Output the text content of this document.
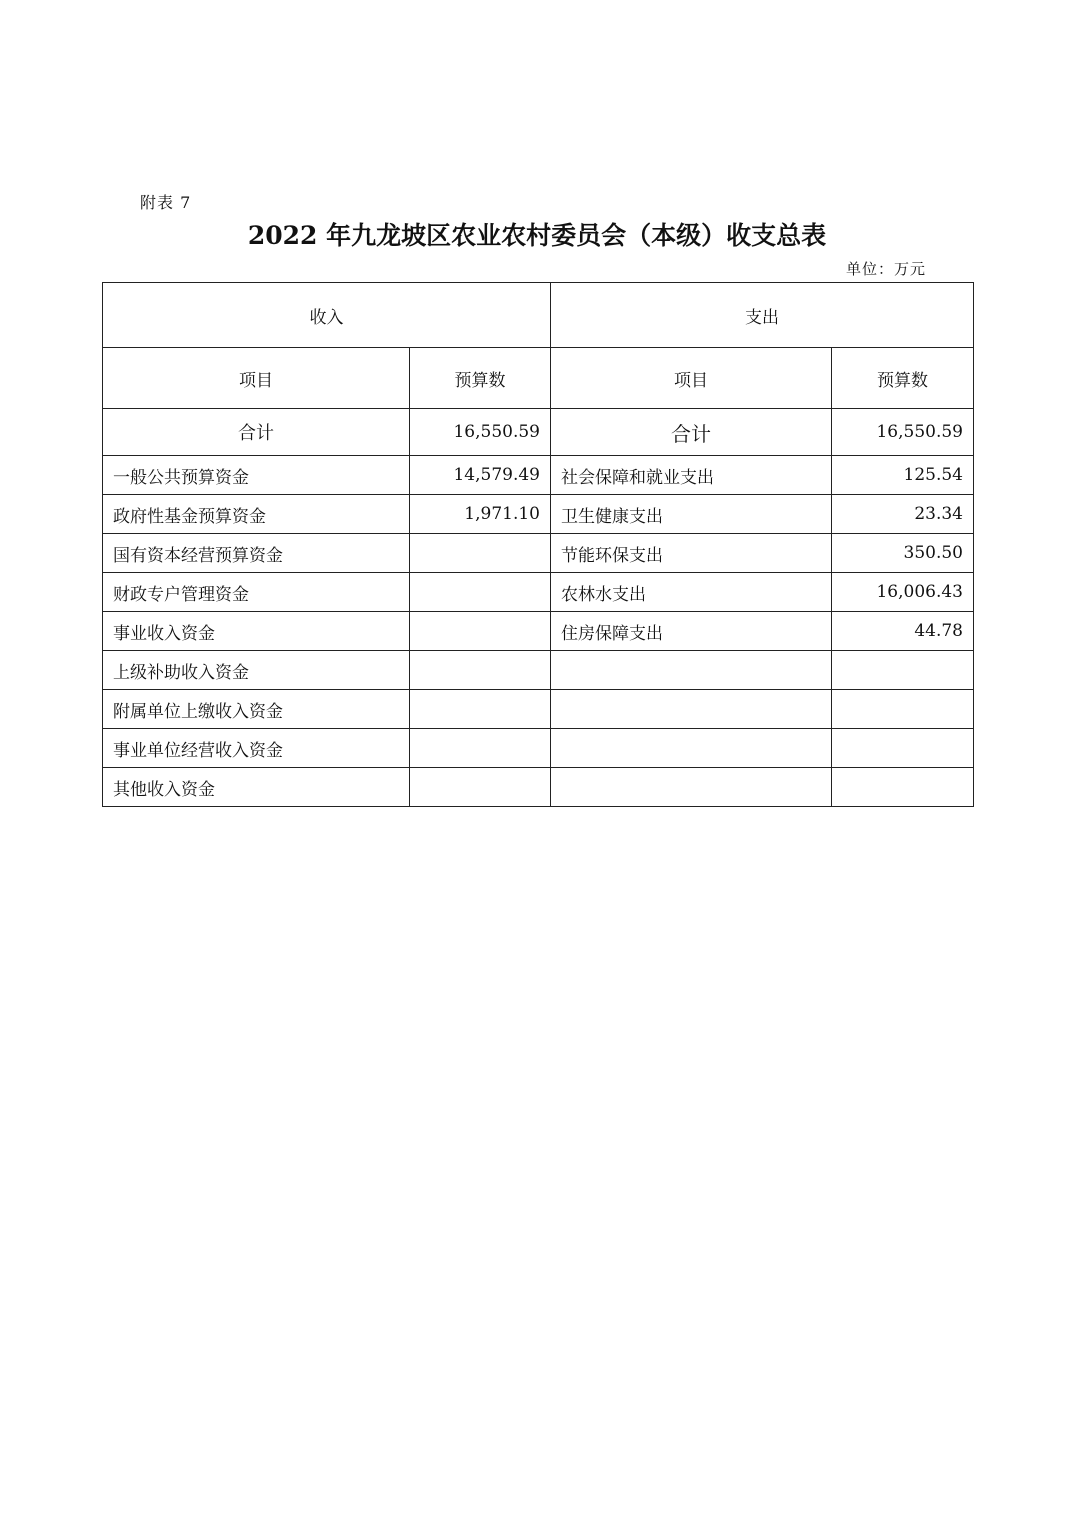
附表 7
2022 年九龙坡区农业农村委员会（本级）收支总表
单位：万元
收入		支出	
项目	预算数	项目	预算数
合计	16,550.59	合计	16,550.59
一般公共预算资金	14,579.49	社会保障和就业支出	125.54
政府性基金预算资金	1,971.10	卫生健康支出	23.34
国有资本经营预算资金		节能环保支出	350.50
财政专户管理资金		农林水支出	16,006.43
事业收入资金		住房保障支出	44.78
上级补助收入资金			
附属单位上缴收入资金			
事业单位经营收入资金			
其他收入资金			
